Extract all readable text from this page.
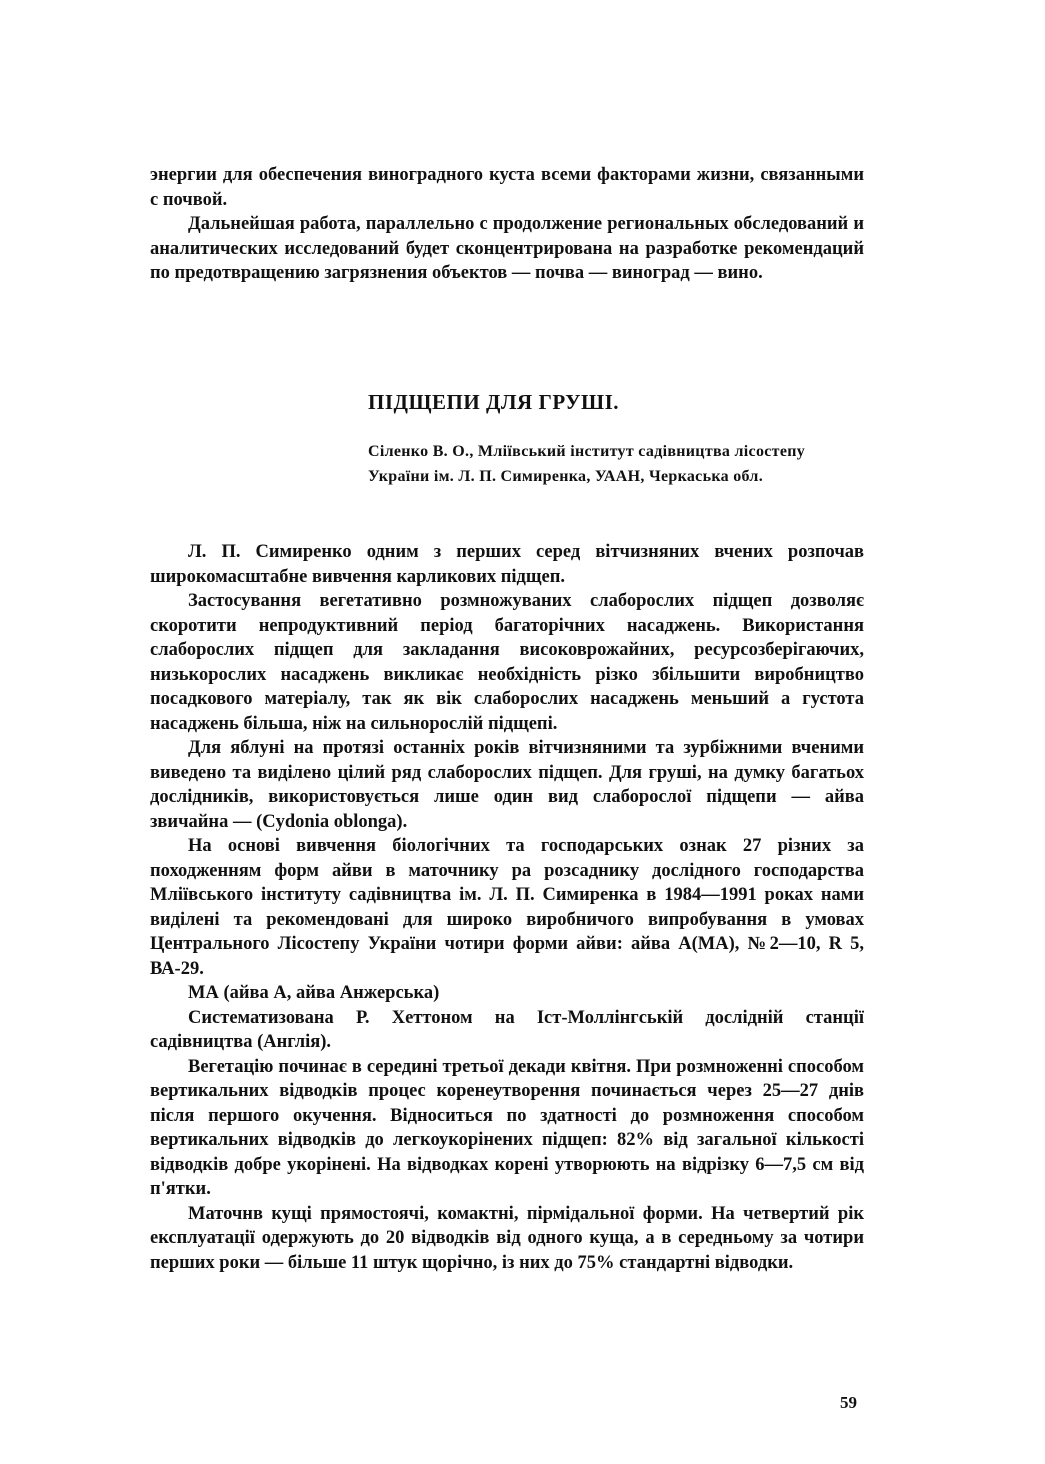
энергии для обеспечения виноградного куста всеми факторами жизни, связанными с почвой.

Дальнейшая работа, параллельно с продолжение региональных обследований и аналитических исследований будет сконцентрирована на разработке рекомендаций по предотвращению загрязнения объектов — почва — виноград — вино.

ПІДЩЕПИ ДЛЯ ГРУШІ.

Сіленко В. О., Мліївський інститут садівництва лісостепу України ім. Л. П. Симиренка, УААН, Черкаська обл.

Л. П. Симиренко одним з перших серед вітчизняних вчених розпочав широкомасштабне вивчення карликових підщеп.

Застосування вегетативно розмножуваних слаборослих підщеп дозволяє скоротити непродуктивний період багаторічних насаджень. Використання слаборослих підщеп для закладання високоврожайних, ресурсозберігаючих, низькорослих насаджень викликає необхідність різко збільшити виробництво посадкового матеріалу, так як вік слаборослих насаджень меньший а густота насаджень більша, ніж на сильнорослій підщепі.

Для яблуні на протязі останніх років вітчизняними та зурбіжними вченими виведено та виділено цілий ряд слаборослих підщеп. Для груші, на думку багатьох дослідників, використовується лише один вид слаборослої підщепи — айва звичайна — (Cydonia oblonga).

На основі вивчення біологічних та господарських ознак 27 різних за походженням форм айви в маточнику ра розсаднику дослідного господарства Мліївського інституту садівництва ім. Л. П. Симиренка в 1984—1991 роках нами виділені та рекомендовані для широко виробничого випробування в умовах Центрального Лісостепу України чотири форми айви: айва А(МА), №2—10, R 5, ВА-29.

МА (айва А, айва Анжерська)

Систематизована Р. Хеттоном на Іст-Моллінгській дослідній станції садівництва (Англія).

Вегетацію починає в середині третьої декади квітня. При розмноженні способом вертикальних відводків процес коренеутворення починається через 25—27 днів після першого окучення. Відноситься по здатності до розмноження способом вертикальних відводків до легкоукорінених підщеп: 82% від загальної кількості відводків добре укорінені. На відводках корені утворюють на відрізку 6—7,5 см від п'ятки.

Маточнв кущі прямостоячі, комактні, пірмідальної форми. На четвертий рік експлуатації одержують до 20 відводків від одного куща, а в середньому за чотири перших роки — більше 11 штук щорічно, із них до 75% стандартні відводки.

59
